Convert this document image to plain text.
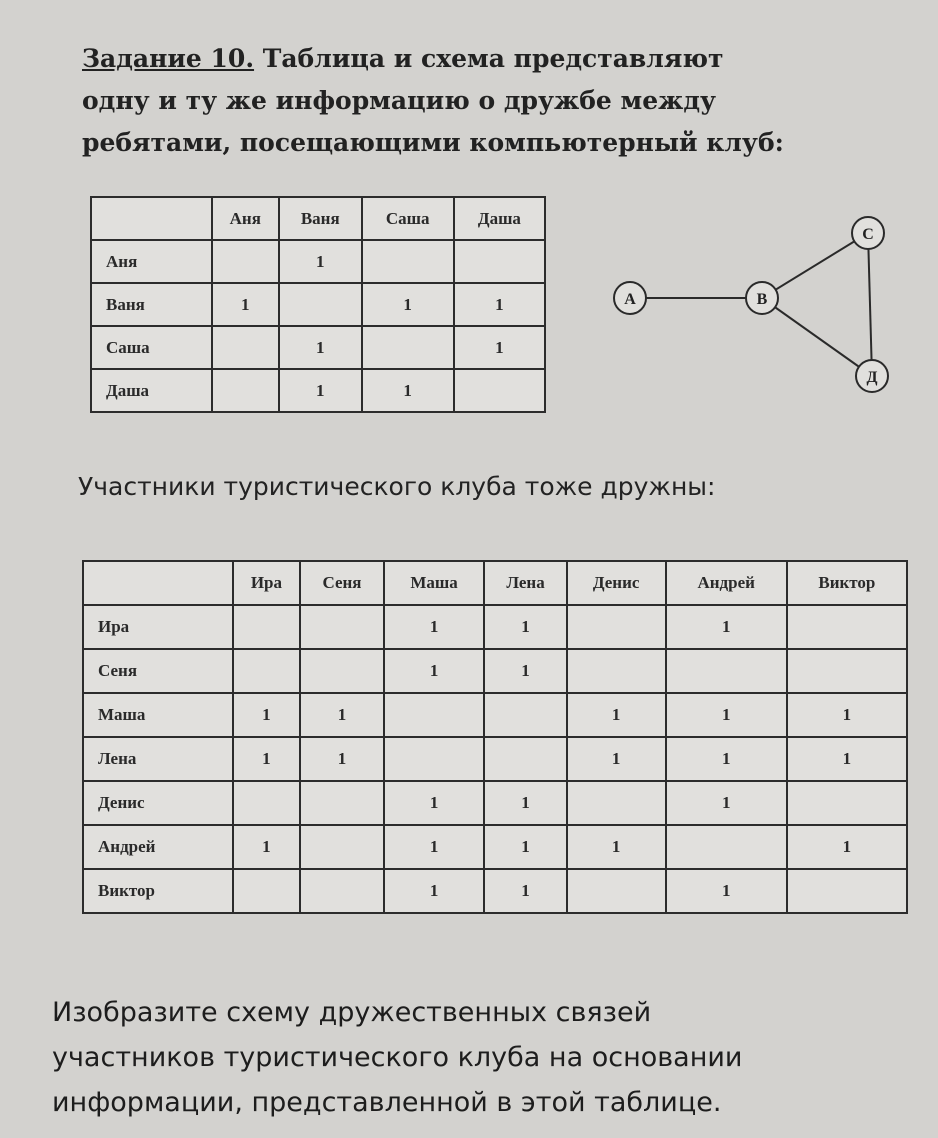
Задание 10. Таблица и схема представляют
одну и ту же информацию о дружбе между
ребятами, посещающими компьютерный клуб:
	Аня	Ваня	Саша	Даша
Аня		1		
Ваня	1		1	1
Саша		1		1
Даша		1	1	
А	В
С
Д
Участники туристического клуба тоже дружны:
	Ира	Сеня	Маша	Лена	Денис	Андрей	Виктор
Ира			1	1		1	
Сеня			1	1			
Маша	1	1			1	1	1
Лена	1	1			1	1	1
Денис			1	1		1	
Андрей	1		1	1	1		1
Виктор			1	1		1	
Изобразите схему дружественных связей
участников туристического клуба на основании
информации, представленной в этой таблице.
